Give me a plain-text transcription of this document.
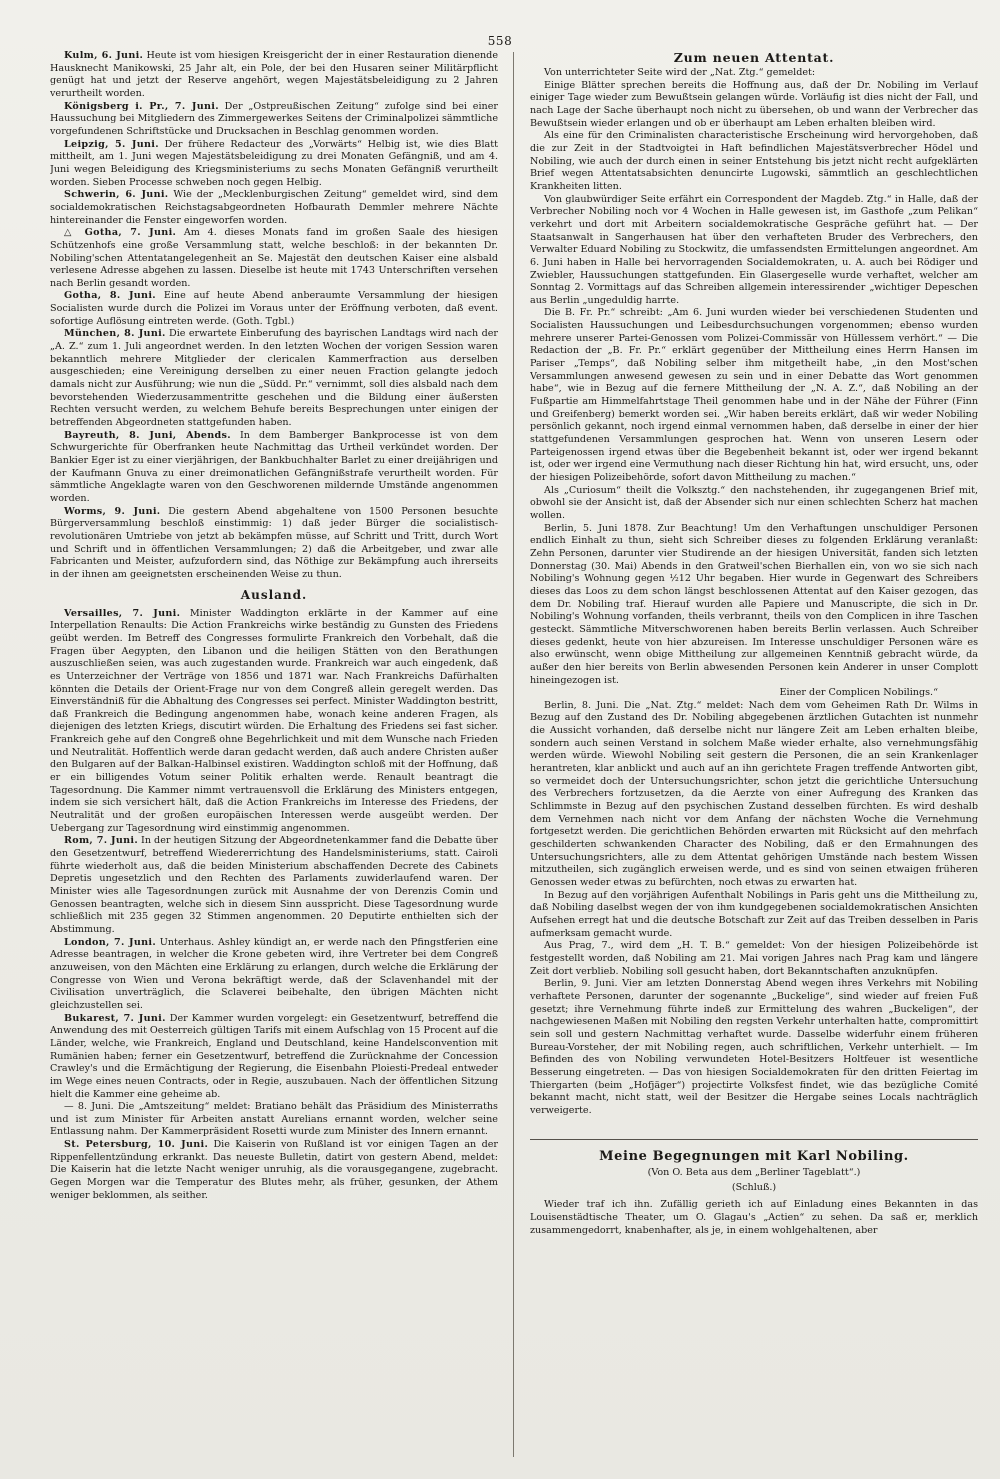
558

Kulm, 6. Juni. Heute ist vom hiesigen Kreisgericht der in einer Restauration dienende Hausknecht Manikowski, 25 Jahr alt, ein Pole, der bei den Husaren seiner Militärpflicht genügt hat und jetzt der Reserve angehört, wegen Majestätsbeleidigung zu 2 Jahren verurtheilt worden.

Königsberg i. Pr., 7. Juni. Der „Ostpreußischen Zeitung“ zufolge sind bei einer Haussuchung bei Mitgliedern des Zimmergewerkes Seitens der Criminalpolizei sämmtliche vorgefundenen Schriftstücke und Drucksachen in Beschlag genommen worden.

Leipzig, 5. Juni. Der frühere Redacteur des „Vorwärts“ Helbig ist, wie dies Blatt mittheilt, am 1. Juni wegen Majestätsbeleidigung zu drei Monaten Gefängniß, und am 4. Juni wegen Beleidigung des Kriegsministeriums zu sechs Monaten Gefängniß verurtheilt worden. Sieben Processe schweben noch gegen Helbig.

Schwerin, 6. Juni. Wie der „Mecklenburgischen Zeitung“ gemeldet wird, sind dem socialdemokratischen Reichstagsabgeordneten Hofbaurath Demmler mehrere Nächte hintereinander die Fenster eingeworfen worden.

△ Gotha, 7. Juni. Am 4. dieses Monats fand im großen Saale des hiesigen Schützenhofs eine große Versammlung statt, welche beschloß: in der bekannten Dr. Nobiling'schen Attentatangelegenheit an Se. Majestät den deutschen Kaiser eine alsbald verlesene Adresse abgehen zu lassen. Dieselbe ist heute mit 1743 Unterschriften versehen nach Berlin gesandt worden.

Gotha, 8. Juni. Eine auf heute Abend anberaumte Versammlung der hiesigen Socialisten wurde durch die Polizei im Voraus unter der Eröffnung verboten, daß event. sofortige Auflösung eintreten werde. (Goth. Tgbl.)

München, 8. Juni. Die erwartete Einberufung des bayrischen Landtags wird nach der „A. Z.“ zum 1. Juli angeordnet werden. In den letzten Wochen der vorigen Session waren bekanntlich mehrere Mitglieder der clericalen Kammerfraction aus derselben ausgeschieden; eine Vereinigung derselben zu einer neuen Fraction gelangte jedoch damals nicht zur Ausführung; wie nun die „Südd. Pr.“ vernimmt, soll dies alsbald nach dem bevorstehenden Wiederzusammentritte geschehen und die Bildung einer äußersten Rechten versucht werden, zu welchem Behufe bereits Besprechungen unter einigen der betreffenden Abgeordneten stattgefunden haben.

Bayreuth, 8. Juni, Abends. In dem Bamberger Bankprocesse ist von dem Schwurgerichte für Oberfranken heute Nachmittag das Urtheil verkündet worden. Der Bankier Eger ist zu einer vierjährigen, der Bankbuchhalter Barlet zu einer dreijährigen und der Kaufmann Gnuva zu einer dreimonatlichen Gefängnißstrafe verurtheilt worden. Für sämmtliche Angeklagte waren von den Geschworenen mildernde Umstände angenommen worden.

Worms, 9. Juni. Die gestern Abend abgehaltene von 1500 Personen besuchte Bürgerversammlung beschloß einstimmig: 1) daß jeder Bürger die socialistisch-revolutionären Umtriebe von jetzt ab bekämpfen müsse, auf Schritt und Tritt, durch Wort und Schrift und in öffentlichen Versammlungen; 2) daß die Arbeitgeber, und zwar alle Fabricanten und Meister, aufzufordern sind, das Nöthige zur Bekämpfung auch ihrerseits in der ihnen am geeignetsten erscheinenden Weise zu thun.

Ausland.

Versailles, 7. Juni. Minister Waddington erklärte in der Kammer auf eine Interpellation Renaults: Die Action Frankreichs wirke beständig zu Gunsten des Friedens geübt werden. Im Betreff des Congresses formulirte Frankreich den Vorbehalt, daß die Fragen über Aegypten, den Libanon und die heiligen Stätten von den Berathungen auszuschließen seien, was auch zugestanden wurde. Frankreich war auch eingedenk, daß es Unterzeichner der Verträge von 1856 und 1871 war. Nach Frankreichs Dafürhalten könnten die Details der Orient-Frage nur von dem Congreß allein geregelt werden. Das Einverständniß für die Abhaltung des Congresses sei perfect. Minister Waddington bestritt, daß Frankreich die Bedingung angenommen habe, wonach keine anderen Fragen, als diejenigen des letzten Kriegs, discutirt würden. Die Erhaltung des Friedens sei fast sicher. Frankreich gehe auf den Congreß ohne Begehrlichkeit und mit dem Wunsche nach Frieden und Neutralität. Hoffentlich werde daran gedacht werden, daß auch andere Christen außer den Bulgaren auf der Balkan-Halbinsel existiren. Waddington schloß mit der Hoffnung, daß er ein billigendes Votum seiner Politik erhalten werde. Renault beantragt die Tagesordnung. Die Kammer nimmt vertrauensvoll die Erklärung des Ministers entgegen, indem sie sich versichert hält, daß die Action Frankreichs im Interesse des Friedens, der Neutralität und der großen europäischen Interessen werde ausgeübt werden. Der Uebergang zur Tagesordnung wird einstimmig angenommen.

Rom, 7. Juni. In der heutigen Sitzung der Abgeordnetenkammer fand die Debatte über den Gesetzentwurf, betreffend Wiedererrichtung des Handelsministeriums, statt. Cairoli führte wiederholt aus, daß die beiden Ministerium abschaffenden Decrete des Cabinets Depretis ungesetzlich und den Rechten des Parlaments zuwiderlaufend waren. Der Minister wies alle Tagesordnungen zurück mit Ausnahme der von Derenzis Comin und Genossen beantragten, welche sich in diesem Sinn ausspricht. Diese Tagesordnung wurde schließlich mit 235 gegen 32 Stimmen angenommen. 20 Deputirte enthielten sich der Abstimmung.

London, 7. Juni. Unterhaus. Ashley kündigt an, er werde nach den Pfingstferien eine Adresse beantragen, in welcher die Krone gebeten wird, ihre Vertreter bei dem Congreß anzuweisen, von den Mächten eine Erklärung zu erlangen, durch welche die Erklärung der Congresse von Wien und Verona bekräftigt werde, daß der Sclavenhandel mit der Civilisation unverträglich, die Sclaverei beibehalte, den übrigen Mächten nicht gleichzustellen sei.

Bukarest, 7. Juni. Der Kammer wurden vorgelegt: ein Gesetzentwurf, betreffend die Anwendung des mit Oesterreich gültigen Tarifs mit einem Aufschlag von 15 Procent auf die Länder, welche, wie Frankreich, England und Deutschland, keine Handelsconvention mit Rumänien haben; ferner ein Gesetzentwurf, betreffend die Zurücknahme der Concession Crawley's und die Ermächtigung der Regierung, die Eisenbahn Ploiesti-Predeal entweder im Wege eines neuen Contracts, oder in Regie, auszubauen. Nach der öffentlichen Sitzung hielt die Kammer eine geheime ab.

— 8. Juni. Die „Amtszeitung“ meldet: Bratiano behält das Präsidium des Ministerraths und ist zum Minister für Arbeiten anstatt Aurelians ernannt worden, welcher seine Entlassung nahm. Der Kammerpräsident Rosetti wurde zum Minister des Innern ernannt.

St. Petersburg, 10. Juni. Die Kaiserin von Rußland ist vor einigen Tagen an der Rippenfellentzündung erkrankt. Das neueste Bulletin, datirt von gestern Abend, meldet: Die Kaiserin hat die letzte Nacht weniger unruhig, als die vorausgegangene, zugebracht. Gegen Morgen war die Temperatur des Blutes mehr, als früher, gesunken, der Athem weniger beklommen, als seither.

Zum neuen Attentat.

Von unterrichteter Seite wird der „Nat. Ztg.“ gemeldet:

Einige Blätter sprechen bereits die Hoffnung aus, daß der Dr. Nobiling im Verlauf einiger Tage wieder zum Bewußtsein gelangen würde. Vorläufig ist dies nicht der Fall, und nach Lage der Sache überhaupt noch nicht zu übersehen, ob und wann der Verbrecher das Bewußtsein wieder erlangen und ob er überhaupt am Leben erhalten bleiben wird.

Als eine für den Criminalisten characteristische Erscheinung wird hervorgehoben, daß die zur Zeit in der Stadtvoigtei in Haft befindlichen Majestätsverbrecher Hödel und Nobiling, wie auch der durch einen in seiner Entstehung bis jetzt nicht recht aufgeklärten Brief wegen Attentatsabsichten denuncirte Lugowski, sämmtlich an geschlechtlichen Krankheiten litten.

Von glaubwürdiger Seite erfährt ein Correspondent der Magdeb. Ztg.“ in Halle, daß der Verbrecher Nobiling noch vor 4 Wochen in Halle gewesen ist, im Gasthofe „zum Pelikan“ verkehrt und dort mit Arbeitern socialdemokratische Gespräche geführt hat. — Der Staatsanwalt in Sangerhausen hat über den verhafteten Bruder des Verbrechers, den Verwalter Eduard Nobiling zu Stockwitz, die umfassendsten Ermittelungen angeordnet. Am 6. Juni haben in Halle bei hervorragenden Socialdemokraten, u. A. auch bei Rödiger und Zwiebler, Haussuchungen stattgefunden. Ein Glasergeselle wurde verhaftet, welcher am Sonntag 2. Vormittags auf das Schreiben allgemein interessirender „wichtiger Depeschen aus Berlin „ungeduldig harrte.

Die B. Fr. Pr.“ schreibt: „Am 6. Juni wurden wieder bei verschiedenen Studenten und Socialisten Haussuchungen und Leibesdurchsuchungen vorgenommen; ebenso wurden mehrere unserer Partei-Genossen vom Polizei-Commissär von Hüllessem verhört.“ — Die Redaction der „B. Fr. Pr.“ erklärt gegenüber der Mittheilung eines Herrn Hansen im Pariser „Temps“, daß Nobiling selber ihm mitgetheilt habe, „in den Most'schen Versammlungen anwesend gewesen zu sein und in einer Debatte das Wort genommen habe“, wie in Bezug auf die fernere Mittheilung der „N. A. Z.“, daß Nobiling an der Fußpartie am Himmelfahrtstage Theil genommen habe und in der Nähe der Führer (Finn und Greifenberg) bemerkt worden sei. „Wir haben bereits erklärt, daß wir weder Nobiling persönlich gekannt, noch irgend einmal vernommen haben, daß derselbe in einer der hier stattgefundenen Versammlungen gesprochen hat. Wenn von unseren Lesern oder Parteigenossen irgend etwas über die Begebenheit bekannt ist, oder wer irgend bekannt ist, oder wer irgend eine Vermuthung nach dieser Richtung hin hat, wird ersucht, uns, oder der hiesigen Polizeibehörde, sofort davon Mittheilung zu machen.“

Als „Curiosum“ theilt die Volksztg.“ den nachstehenden, ihr zugegangenen Brief mit, obwohl sie der Ansicht ist, daß der Absender sich nur einen schlechten Scherz hat machen wollen.

Berlin, 5. Juni 1878. Zur Beachtung! Um den Verhaftungen unschuldiger Personen endlich Einhalt zu thun, sieht sich Schreiber dieses zu folgenden Erklärung veranlaßt: Zehn Personen, darunter vier Studirende an der hiesigen Universität, fanden sich letzten Donnerstag (30. Mai) Abends in den Gratweil'schen Bierhallen ein, von wo sie sich nach Nobiling's Wohnung gegen ½12 Uhr begaben. Hier wurde in Gegenwart des Schreibers dieses das Loos zu dem schon längst beschlossenen Attentat auf den Kaiser gezogen, das dem Dr. Nobiling traf. Hierauf wurden alle Papiere und Manuscripte, die sich in Dr. Nobiling's Wohnung vorfanden, theils verbrannt, theils von den Complicen in ihre Taschen gesteckt. Sämmtliche Mitverschworenen haben bereits Berlin verlassen. Auch Schreiber dieses gedenkt, heute von hier abzureisen. Im Interesse unschuldiger Personen wäre es also erwünscht, wenn obige Mittheilung zur allgemeinen Kenntniß gebracht würde, da außer den hier bereits von Berlin abwesenden Personen kein Anderer in unser Complott hineingezogen ist.

Einer der Complicen Nobilings.“

Berlin, 8. Juni. Die „Nat. Ztg.“ meldet: Nach dem vom Geheimen Rath Dr. Wilms in Bezug auf den Zustand des Dr. Nobiling abgegebenen ärztlichen Gutachten ist nunmehr die Aussicht vorhanden, daß derselbe nicht nur längere Zeit am Leben erhalten bleibe, sondern auch seinen Verstand in solchem Maße wieder erhalte, also vernehmungsfähig werden würde. Wiewohl Nobiling seit gestern die Personen, die an sein Krankenlager herantreten, klar anblickt und auch auf an ihn gerichtete Fragen treffende Antworten gibt, so vermeidet doch der Untersuchungsrichter, schon jetzt die gerichtliche Untersuchung des Verbrechers fortzusetzen, da die Aerzte von einer Aufregung des Kranken das Schlimmste in Bezug auf den psychischen Zustand desselben fürchten. Es wird deshalb dem Vernehmen nach nicht vor dem Anfang der nächsten Woche die Vernehmung fortgesetzt werden. Die gerichtlichen Behörden erwarten mit Rücksicht auf den mehrfach geschilderten schwankenden Character des Nobiling, daß er den Ermahnungen des Untersuchungsrichters, alle zu dem Attentat gehörigen Umstände nach bestem Wissen mitzutheilen, sich zugänglich erweisen werde, und es sind von seinen etwaigen früheren Genossen weder etwas zu befürchten, noch etwas zu erwarten hat.

In Bezug auf den vorjährigen Aufenthalt Nobilings in Paris geht uns die Mittheilung zu, daß Nobiling daselbst wegen der von ihm kundgegebenen socialdemokratischen Ansichten Aufsehen erregt hat und die deutsche Botschaft zur Zeit auf das Treiben desselben in Paris aufmerksam gemacht wurde.

Aus Prag, 7., wird dem „H. T. B.“ gemeldet: Von der hiesigen Polizeibehörde ist festgestellt worden, daß Nobiling am 21. Mai vorigen Jahres nach Prag kam und längere Zeit dort verblieb. Nobiling soll gesucht haben, dort Bekanntschaften anzuknüpfen.

Berlin, 9. Juni. Vier am letzten Donnerstag Abend wegen ihres Verkehrs mit Nobiling verhaftete Personen, darunter der sogenannte „Buckelige“, sind wieder auf freien Fuß gesetzt; ihre Vernehmung führte indeß zur Ermittelung des wahren „Buckeligen“, der nachgewiesenen Maßen mit Nobiling den regsten Verkehr unterhalten hatte, compromittirt sein soll und gestern Nachmittag verhaftet wurde. Dasselbe widerfuhr einem früheren Bureau-Vorsteher, der mit Nobiling regen, auch schriftlichen, Verkehr unterhielt. — Im Befinden des von Nobiling verwundeten Hotel-Besitzers Holtfeuer ist wesentliche Besserung eingetreten. — Das von hiesigen Socialdemokraten für den dritten Feiertag im Thiergarten (beim „Hofjäger“) projectirte Volksfest findet, wie das bezügliche Comité bekannt macht, nicht statt, weil der Besitzer die Hergabe seines Locals nachträglich verweigerte.

Meine Begegnungen mit Karl Nobiling.
(Von O. Beta aus dem „Berliner Tageblatt“.)
(Schluß.)

Wieder traf ich ihn. Zufällig gerieth ich auf Einladung eines Bekannten in das Louisenstädtische Theater, um O. Glagau's „Actien“ zu sehen. Da saß er, merklich zusammengedorrt, knabenhafter, als je, in einem wohlgehaltenen, aber
